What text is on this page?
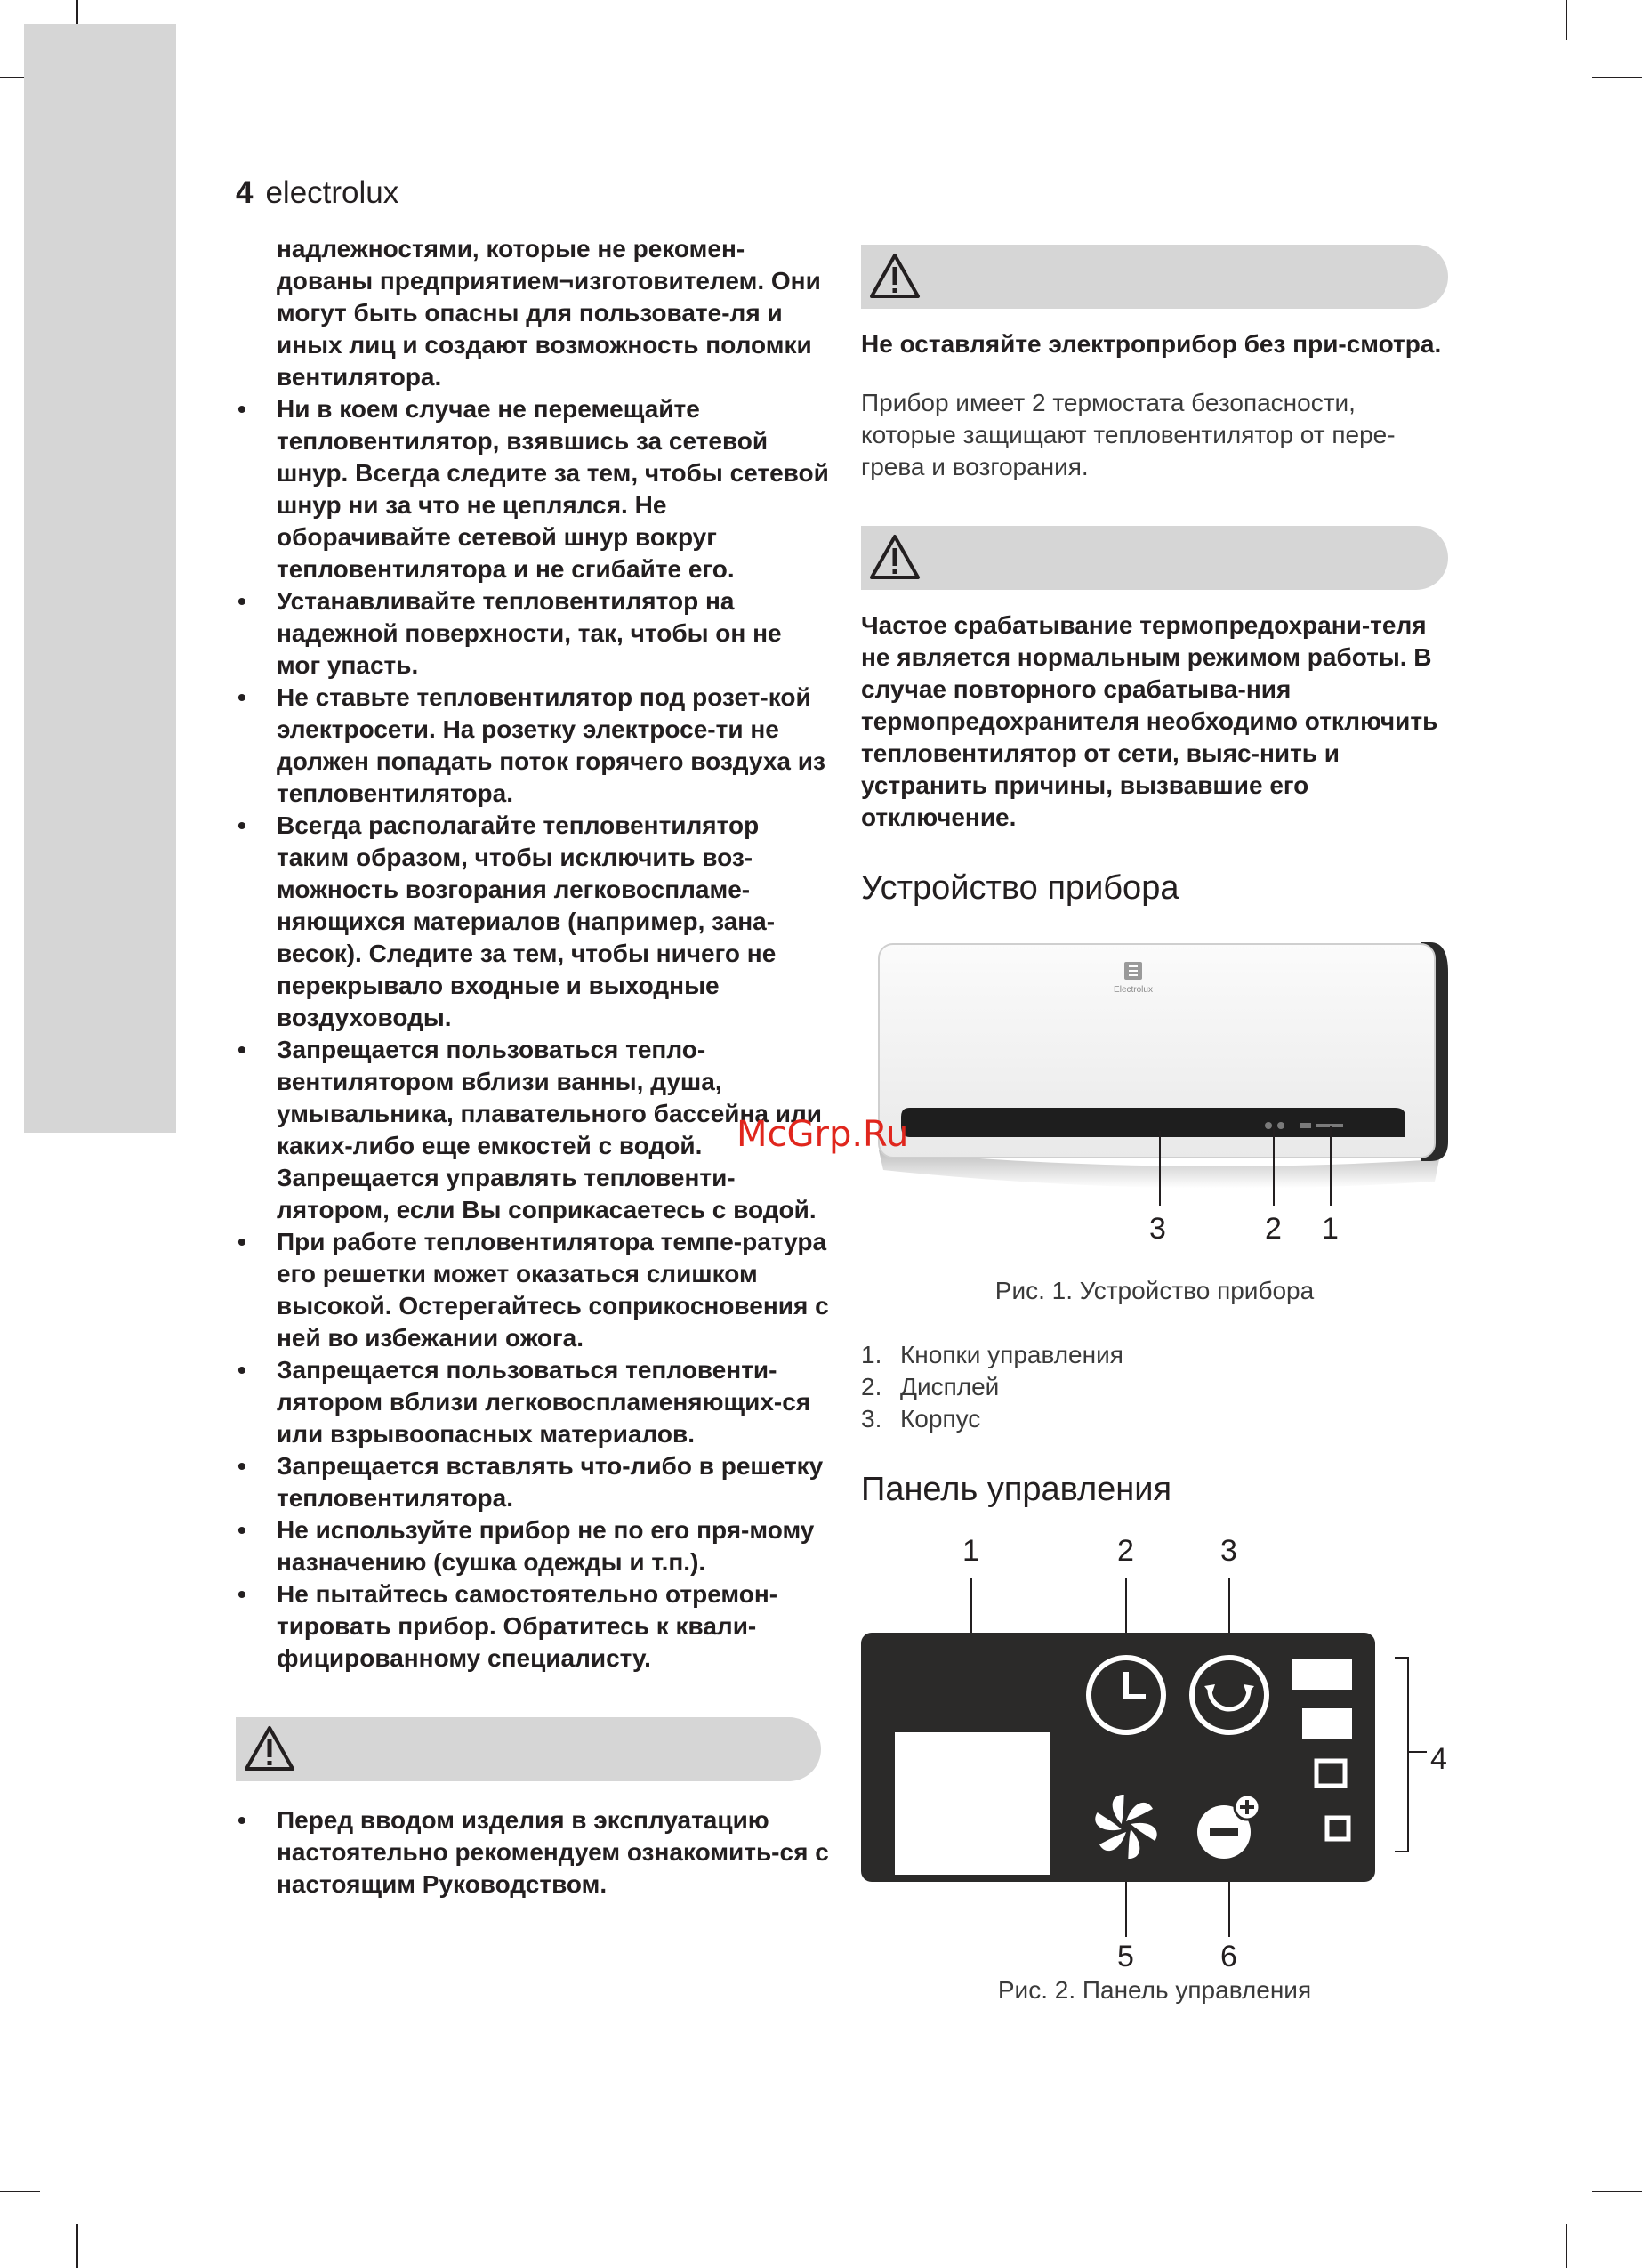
4 electrolux

надлежностями, которые не рекомен-дованы предприятием¬изготовителем. Они могут быть опасны для пользовате-ля и иных лиц и создают возможность поломки вентилятора.

• Ни в коем случае не перемещайте тепловентилятор, взявшись за сетевой шнур. Всегда следите за тем, чтобы сетевой шнур ни за что не цеплялся. Не оборачивайте сетевой шнур вокруг тепловентилятора и не сгибайте его.
• Устанавливайте тепловентилятор на надежной поверхности, так, чтобы он не мог упасть.
• Не ставьте тепловентилятор под розет-кой электросети. На розетку электросе-ти не должен попадать поток горячего воздуха из тепловентилятора.
• Всегда располагайте тепловентилятор таким образом, чтобы исключить воз-можность возгорания легковоспламе-няющихся материалов (например, зана-весок). Следите за тем, чтобы ничего не перекрывало входные и выходные воздуховоды.
• Запрещается пользоваться тепло-вентилятором вблизи ванны, душа, умывальника, плавательного бассейна или каких-либо еще емкостей с водой. Запрещается управлять тепловенти-лятором, если Вы соприкасаетесь с водой.
• При работе тепловентилятора темпе-ратура его решетки может оказаться слишком высокой. Остерегайтесь соприкосновения с ней во избежании ожога.
• Запрещается пользоваться тепловенти-лятором вблизи легковоспламеняющих-ся или взрывоопасных материалов.
• Запрещается вставлять что-либо в решетку тепловентилятора.
• Не используйте прибор не по его пря-мому назначению (сушка одежды и т.п.).
• Не пытайтесь самостоятельно отремон-тировать прибор. Обратитесь к квали-фицированному специалисту.
• Перед вводом изделия в эксплуатацию настоятельно рекомендуем ознакомить-ся с настоящим Руководством.

Не оставляйте электроприбор без при-смотра.

Прибор имеет 2 термостата безопасности, которые защищают тепловентилятор от пере-грева и возгорания.

Частое срабатывание термопредохрани-теля не является нормальным режимом работы. В случае повторного срабатыва-ния термопредохранителя необходимо отключить тепловентилятор от сети, выяс-нить и устранить причины, вызвавшие его отключение.

Устройство прибора
Electrolux
3	2 1
Рис. 1. Устройство прибора
1. Кнопки управления
2. Дисплей
3. Корпус
Панель управления
1	2	3
4
5	6
Рис. 2. Панель управления
McGrp.Ru
